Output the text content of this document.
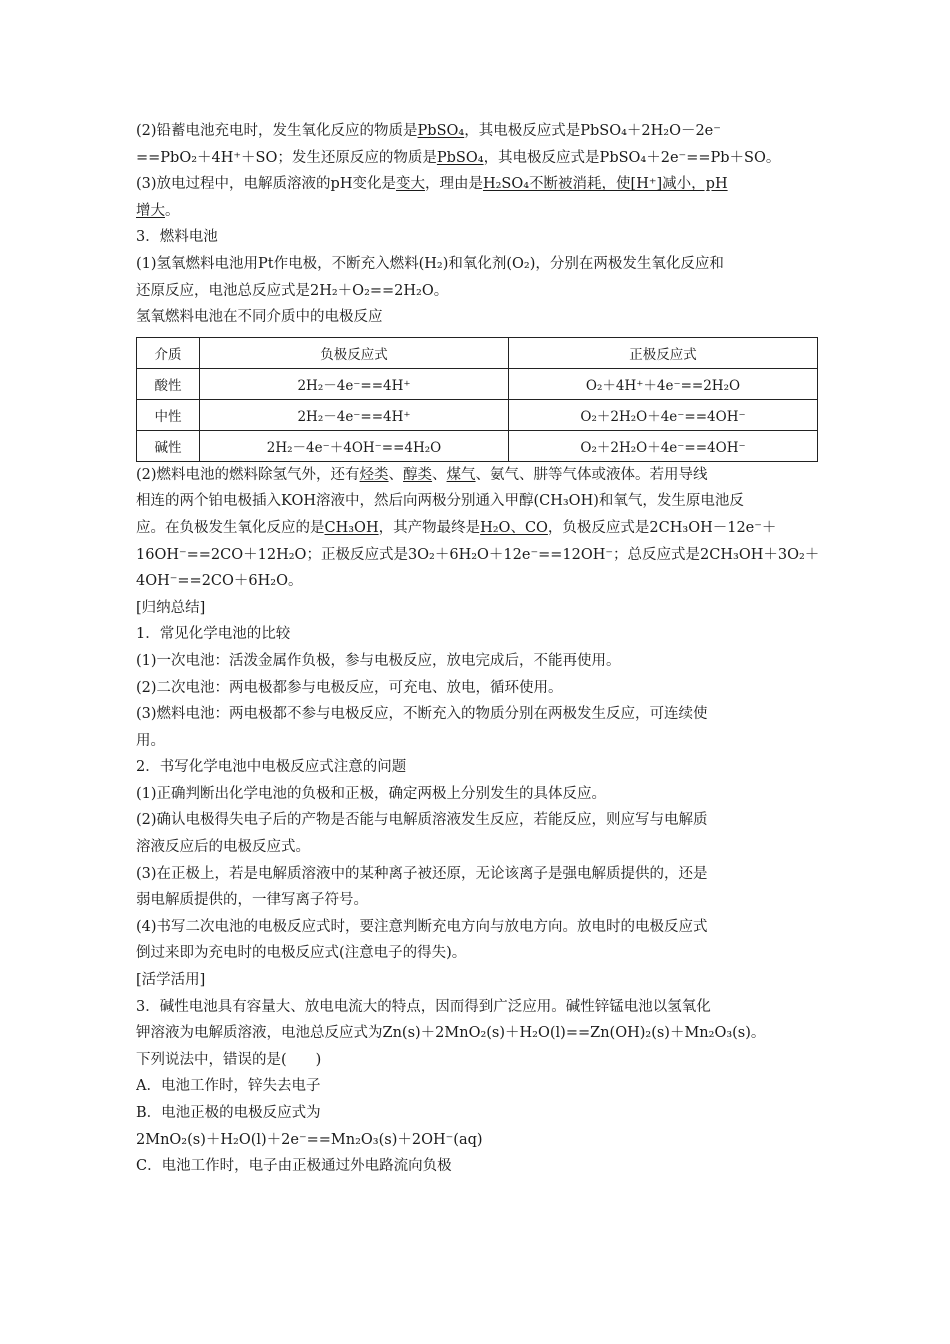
(2)铅蓄电池充电时，发生氧化反应的物质是PbSO₄，其电极反应式是PbSO₄＋2H₂O－2e⁻
==PbO₂＋4H⁺＋SO；发生还原反应的物质是PbSO₄，其电极反应式是PbSO₄＋2e⁻==Pb＋SO。
(3)放电过程中，电解质溶液的pH变化是变大，理由是H₂SO₄不断被消耗，使[H⁺]减小，pH
增大。
3．燃料电池
(1)氢氧燃料电池用Pt作电极，不断充入燃料(H₂)和氧化剂(O₂)，分别在两极发生氧化反应和
还原反应，电池总反应式是2H₂＋O₂==2H₂O。
氢氧燃料电池在不同介质中的电极反应
介质	负极反应式	正极反应式
酸性	2H₂－4e⁻==4H⁺	O₂＋4H⁺＋4e⁻==2H₂O
中性	2H₂－4e⁻==4H⁺	O₂＋2H₂O＋4e⁻==4OH⁻
碱性	2H₂－4e⁻＋4OH⁻==4H₂O	O₂＋2H₂O＋4e⁻==4OH⁻
(2)燃料电池的燃料除氢气外，还有烃类、醇类、煤气、氨气、肼等气体或液体。若用导线
相连的两个铂电极插入KOH溶液中，然后向两极分别通入甲醇(CH₃OH)和氧气，发生原电池反
应。在负极发生氧化反应的是CH₃OH，其产物最终是H₂O、CO，负极反应式是2CH₃OH－12e⁻＋
16OH⁻==2CO＋12H₂O；正极反应式是3O₂＋6H₂O＋12e⁻==12OH⁻；总反应式是2CH₃OH＋3O₂＋
4OH⁻==2CO＋6H₂O。
[归纳总结]
1．常见化学电池的比较
(1)一次电池：活泼金属作负极，参与电极反应，放电完成后，不能再使用。
(2)二次电池：两电极都参与电极反应，可充电、放电，循环使用。
(3)燃料电池：两电极都不参与电极反应，不断充入的物质分别在两极发生反应，可连续使
用。
2．书写化学电池中电极反应式注意的问题
(1)正确判断出化学电池的负极和正极，确定两极上分别发生的具体反应。
(2)确认电极得失电子后的产物是否能与电解质溶液发生反应，若能反应，则应写与电解质
溶液反应后的电极反应式。
(3)在正极上，若是电解质溶液中的某种离子被还原，无论该离子是强电解质提供的，还是
弱电解质提供的，一律写离子符号。
(4)书写二次电池的电极反应式时，要注意判断充电方向与放电方向。放电时的电极反应式
倒过来即为充电时的电极反应式(注意电子的得失)。
[活学活用]
3．碱性电池具有容量大、放电电流大的特点，因而得到广泛应用。碱性锌锰电池以氢氧化
钾溶液为电解质溶液，电池总反应式为Zn(s)＋2MnO₂(s)＋H₂O(l)==Zn(OH)₂(s)＋Mn₂O₃(s)。
下列说法中，错误的是(　　)
A．电池工作时，锌失去电子
B．电池正极的电极反应式为
2MnO₂(s)＋H₂O(l)＋2e⁻==Mn₂O₃(s)＋2OH⁻(aq)
C．电池工作时，电子由正极通过外电路流向负极
